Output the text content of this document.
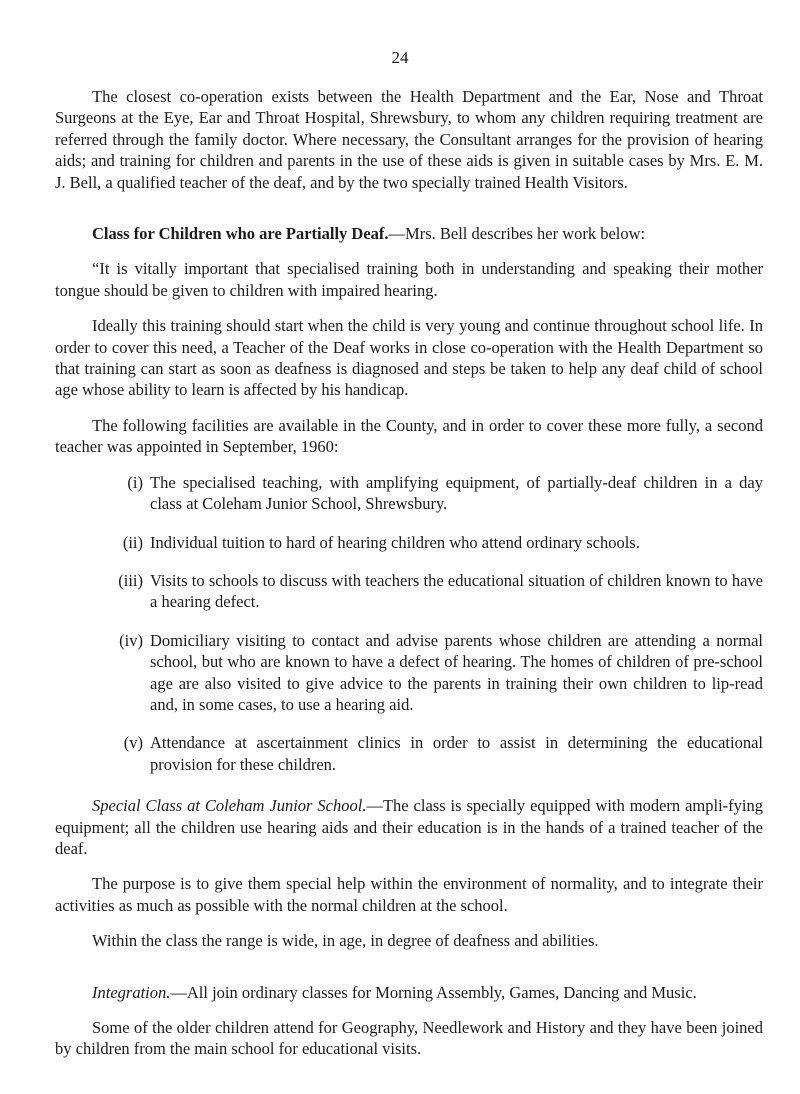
24

The closest co-operation exists between the Health Department and the Ear, Nose and Throat Surgeons at the Eye, Ear and Throat Hospital, Shrewsbury, to whom any children requiring treatment are referred through the family doctor. Where necessary, the Consultant arranges for the provision of hearing aids; and training for children and parents in the use of these aids is given in suitable cases by Mrs. E. M. J. Bell, a qualified teacher of the deaf, and by the two specially trained Health Visitors.

Class for Children who are Partially Deaf.—Mrs. Bell describes her work below:

“It is vitally important that specialised training both in understanding and speaking their mother tongue should be given to children with impaired hearing.

Ideally this training should start when the child is very young and continue throughout school life. In order to cover this need, a Teacher of the Deaf works in close co-operation with the Health Department so that training can start as soon as deafness is diagnosed and steps be taken to help any deaf child of school age whose ability to learn is affected by his handicap.

The following facilities are available in the County, and in order to cover these more fully, a second teacher was appointed in September, 1960:

(i) The specialised teaching, with amplifying equipment, of partially-deaf children in a day class at Coleham Junior School, Shrewsbury.
(ii) Individual tuition to hard of hearing children who attend ordinary schools.
(iii) Visits to schools to discuss with teachers the educational situation of children known to have a hearing defect.
(iv) Domiciliary visiting to contact and advise parents whose children are attending a normal school, but who are known to have a defect of hearing. The homes of children of pre-school age are also visited to give advice to the parents in training their own children to lip-read and, in some cases, to use a hearing aid.
(v) Attendance at ascertainment clinics in order to assist in determining the educational provision for these children.

Special Class at Coleham Junior School.—The class is specially equipped with modern ampli-fying equipment; all the children use hearing aids and their education is in the hands of a trained teacher of the deaf.

The purpose is to give them special help within the environment of normality, and to integrate their activities as much as possible with the normal children at the school.

Within the class the range is wide, in age, in degree of deafness and abilities.

Integration.—All join ordinary classes for Morning Assembly, Games, Dancing and Music.

Some of the older children attend for Geography, Needlework and History and they have been joined by children from the main school for educational visits.
